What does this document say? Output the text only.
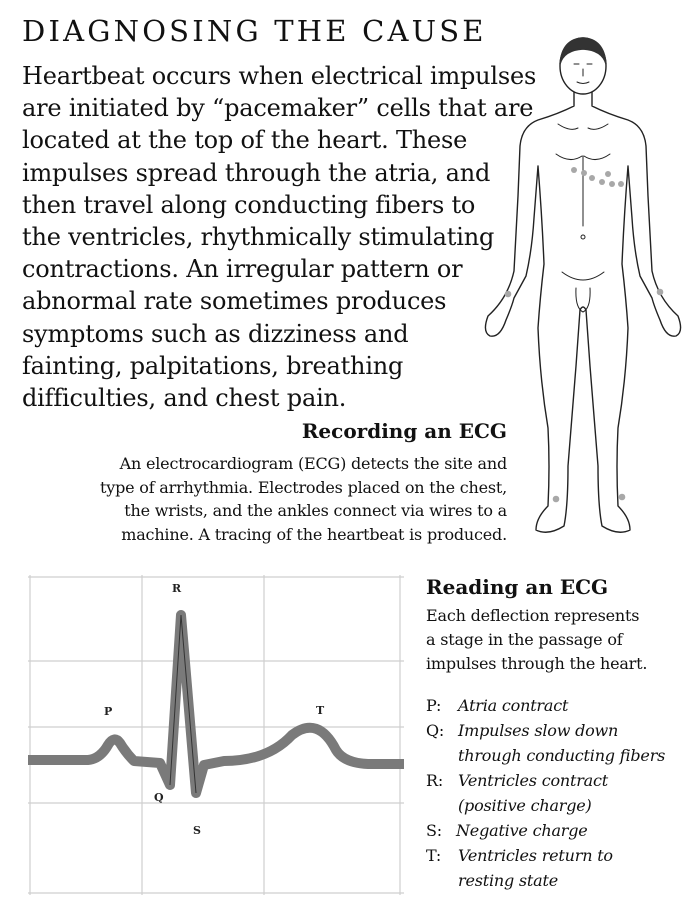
DIAGNOSING THE CAUSE

Heartbeat occurs when electrical impulses
are initiated by “pacemaker” cells that are
located at the top of the heart. These
impulses spread through the atria, and
then travel along conducting fibers to
the ventricles, rhythmically stimulating
contractions. An irregular pattern or
abnormal rate sometimes produces
symptoms such as dizziness and
fainting, palpitations, breathing
difficulties, and chest pain.

Recording an ECG

An electrocardiogram (ECG) detects the site and
type of arrhythmia. Electrodes placed on the chest,
the wrists, and the ankles connect via wires to a
machine. A tracing of the heartbeat is produced.

R
P	T
Q
S
Reading an ECG

Each deflection represents
a stage in the passage of
impulses through the heart.

P: Atria contract
Q: Impulses slow down
through conducting fibers
R: Ventricles contract
(positive charge)
S: Negative charge
T: Ventricles return to
resting state
